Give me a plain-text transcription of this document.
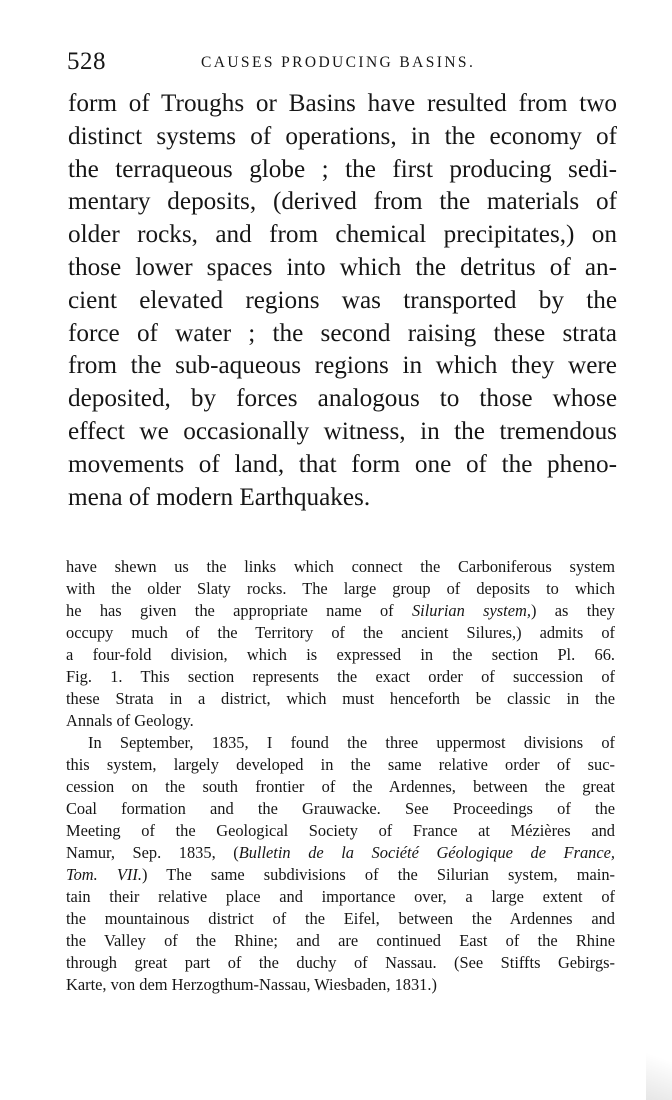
528	CAUSES PRODUCING BASINS.
form of Troughs or Basins have resulted from two
distinct systems of operations, in the economy of
the terraqueous globe ; the first producing sedi-
mentary deposits, (derived from the materials of
older rocks, and from chemical precipitates,) on
those lower spaces into which the detritus of an-
cient elevated regions was transported by the
force of water ; the second raising these strata
from the sub-aqueous regions in which they were
deposited, by forces analogous to those whose
effect we occasionally witness, in the tremendous
movements of land, that form one of the pheno-
mena of modern Earthquakes.
have shewn us the links which connect the Carboniferous system
with the older Slaty rocks. The large group of deposits to which
he has given the appropriate name of Silurian system,) as they
occupy much of the Territory of the ancient Silures,) admits of
a four-fold division, which is expressed in the section Pl. 66.
Fig. 1. This section represents the exact order of succession of
these Strata in a district, which must henceforth be classic in the
Annals of Geology.
In September, 1835, I found the three uppermost divisions of
this system, largely developed in the same relative order of suc-
cession on the south frontier of the Ardennes, between the great
Coal formation and the Grauwacke. See Proceedings of the
Meeting of the Geological Society of France at Mézières and
Namur, Sep. 1835, (Bulletin de la Société Géologique de France,
Tom. VII.) The same subdivisions of the Silurian system, main-
tain their relative place and importance over, a large extent of
the mountainous district of the Eifel, between the Ardennes and
the Valley of the Rhine; and are continued East of the Rhine
through great part of the duchy of Nassau. (See Stiffts Gebirgs-
Karte, von dem Herzogthum-Nassau, Wiesbaden, 1831.)
